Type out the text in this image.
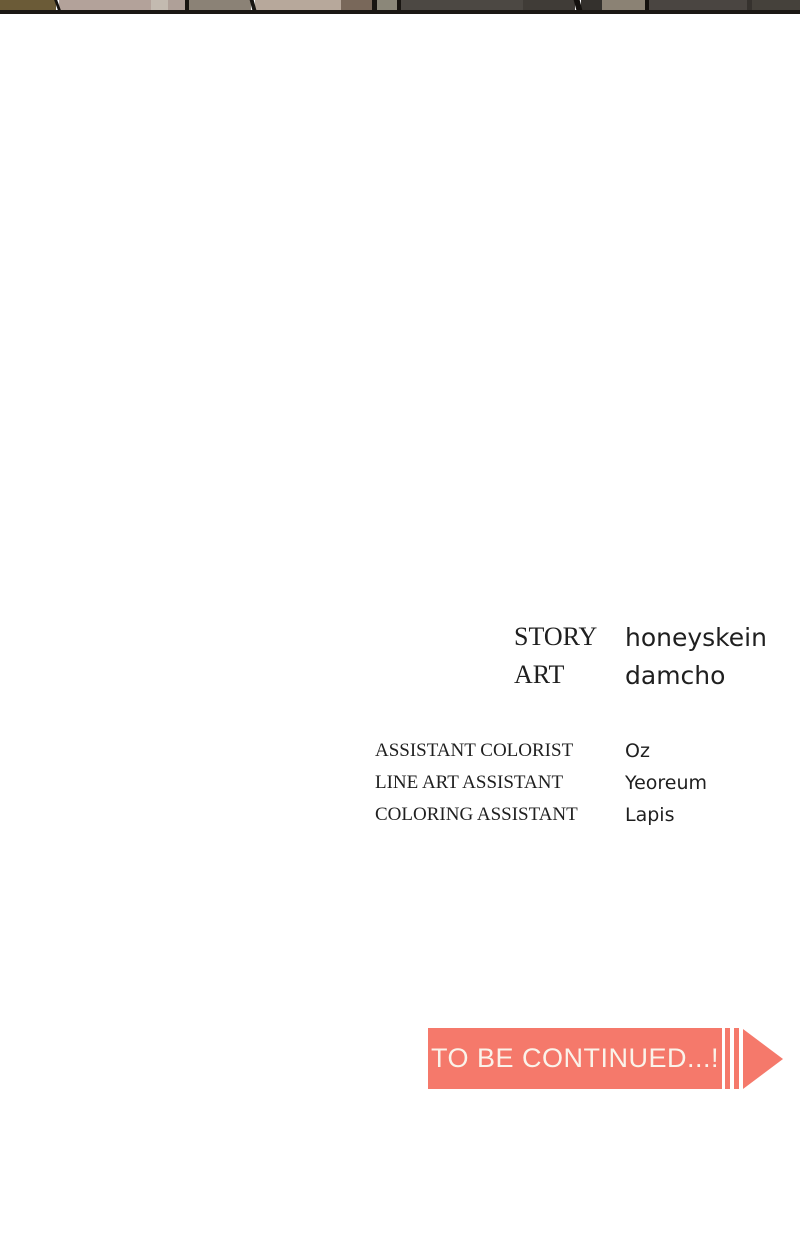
STORY	honeyskein
ART	damcho
ASSISTANT COLORIST	Oz
LINE ART ASSISTANT	Yeoreum
COLORING ASSISTANT	Lapis
TO BE CONTINUED...!
